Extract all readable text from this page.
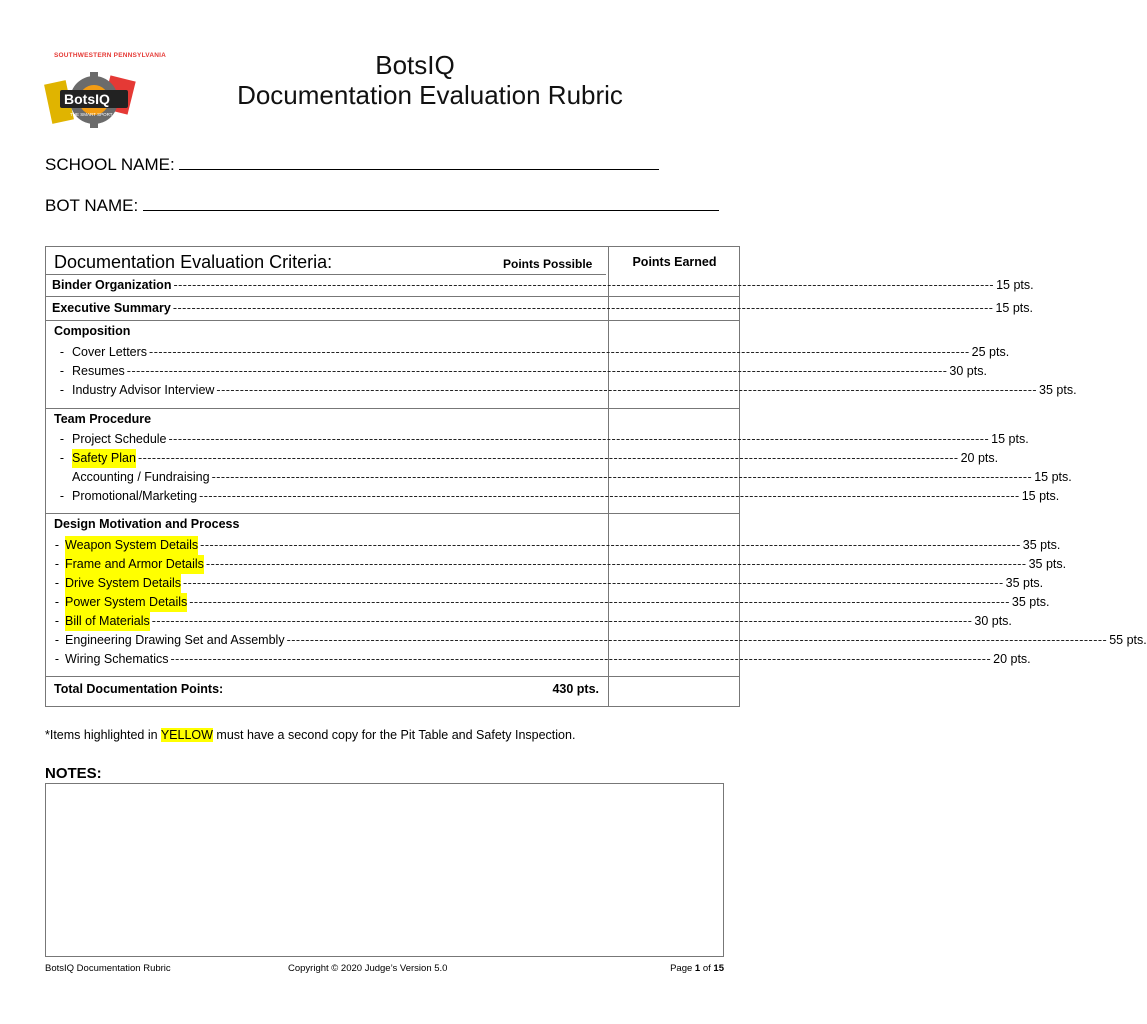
SOUTHWESTERN PENNSYLVANIA
BotsIQ
THE SMART SPORT
BotsIQ
Documentation Evaluation Rubric
SCHOOL NAME:
BOT NAME:
Documentation Evaluation Criteria:	Points Possible	Points Earned
Binder Organization -------------------------------------------------------------------------------------------------------------------------------------------------------------------------------- 15 pts.
Executive Summary -------------------------------------------------------------------------------------------------------------------------------------------------------------------------------- 15 pts.
Composition
- Cover Letters -------------------------------------------------------------------------------------------------------------------------------------------------------------------------------- 25 pts.
- Resumes -------------------------------------------------------------------------------------------------------------------------------------------------------------------------------- 30 pts.
- Industry Advisor Interview -------------------------------------------------------------------------------------------------------------------------------------------------------------------------------- 35 pts.
Team Procedure
- Project Schedule -------------------------------------------------------------------------------------------------------------------------------------------------------------------------------- 15 pts.
- Safety Plan -------------------------------------------------------------------------------------------------------------------------------------------------------------------------------- 20 pts.
Accounting / Fundraising -------------------------------------------------------------------------------------------------------------------------------------------------------------------------------- 15 pts.
- Promotional/Marketing -------------------------------------------------------------------------------------------------------------------------------------------------------------------------------- 15 pts.
Design Motivation and Process
- Weapon System Details -------------------------------------------------------------------------------------------------------------------------------------------------------------------------------- 35 pts.
- Frame and Armor Details -------------------------------------------------------------------------------------------------------------------------------------------------------------------------------- 35 pts.
- Drive System Details -------------------------------------------------------------------------------------------------------------------------------------------------------------------------------- 35 pts.
- Power System Details -------------------------------------------------------------------------------------------------------------------------------------------------------------------------------- 35 pts.
- Bill of Materials -------------------------------------------------------------------------------------------------------------------------------------------------------------------------------- 30 pts.
- Engineering Drawing Set and Assembly -------------------------------------------------------------------------------------------------------------------------------------------------------------------------------- 55 pts.
- Wiring Schematics -------------------------------------------------------------------------------------------------------------------------------------------------------------------------------- 20 pts.
Total Documentation Points:	430 pts.
*Items highlighted in YELLOW must have a second copy for the Pit Table and Safety Inspection.
NOTES:
BotsIQ Documentation Rubric	Copyright © 2020 Judge’s Version 5.0	Page 1 of 15
